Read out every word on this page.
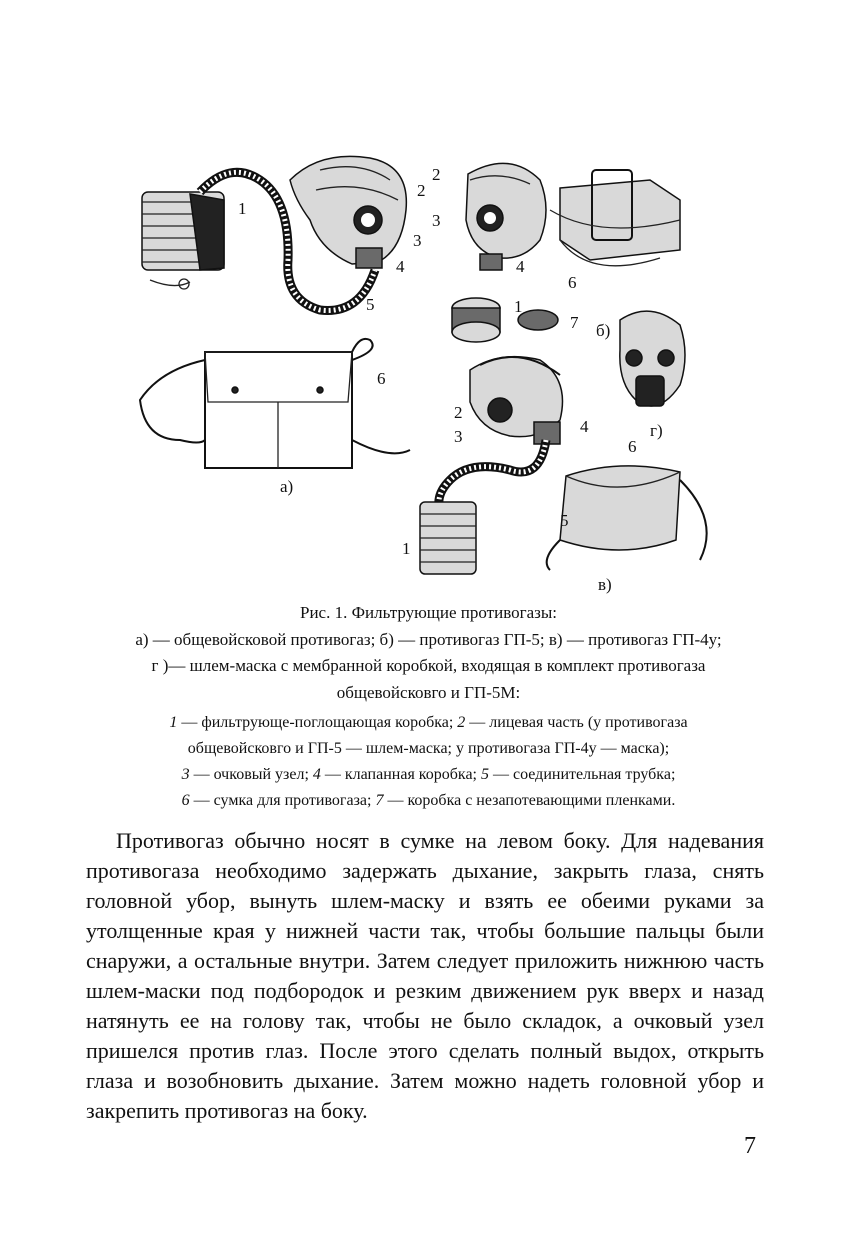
1
2
3
4
5
2
3
4
6
1
7 б)
6
а)
2
3
4	г)
6
5
1
в)
Рис. 1. Фильтрующие противогазы:
а) — общевойсковой противогаз; б) — противогаз ГП-5; в) — противогаз ГП-4у;
г )— шлем-маска с мембранной коробкой, входящая в комплект противогаза
общевойсковго и ГП-5М:
1 — фильтрующе-поглощающая коробка; 2 — лицевая часть (у противогаза
общевойсковго и ГП-5 — шлем-маска; у противогаза ГП-4у — маска);
3 — очковый узел; 4 — клапанная коробка; 5 — соединительная трубка;
6 — сумка для противогаза; 7 — коробка с незапотевающими пленками.

Противогаз обычно носят в сумке на левом боку. Для надевания противогаза необходимо задержать дыхание, закрыть глаза, снять головной убор, вынуть шлем-маску и взять ее обеими руками за утолщенные края у нижней части так, чтобы большие пальцы были снаружи, а остальные внутри. Затем следует приложить нижнюю часть шлем-маски под подбородок и резким движением рук вверх и назад натянуть ее на голову так, чтобы не было складок, а очковый узел пришелся против глаз. После этого сделать полный выдох, открыть глаза и возобновить дыхание. Затем можно надеть головной убор и закрепить противогаз на боку.

7
